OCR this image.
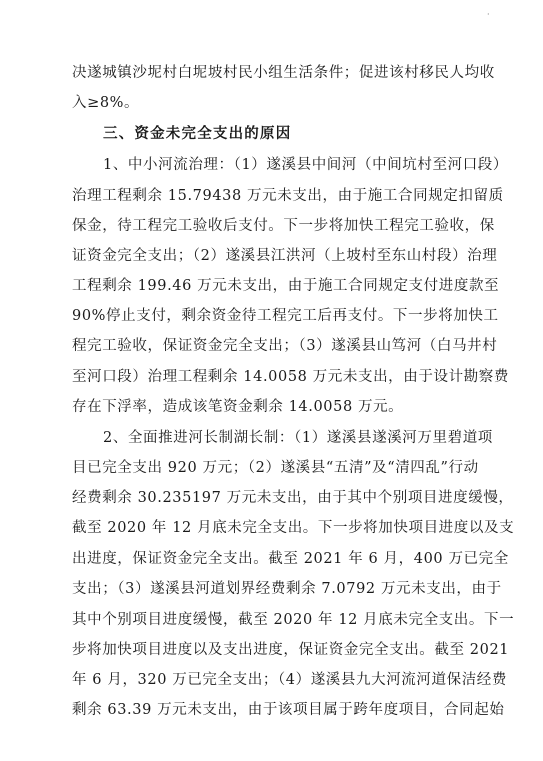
·
决遂城镇沙坭村白坭坡村民小组生活条件；促进该村移民人均收
入≥8%。
三、资金未完全支出的原因
1、中小河流治理：（1）遂溪县中间河（中间坑村至河口段）
治理工程剩余 15.79438 万元未支出，由于施工合同规定扣留质
保金，待工程完工验收后支付。下一步将加快工程完工验收，保
证资金完全支出；（2）遂溪县江洪河（上坡村至东山村段）治理
工程剩余 199.46 万元未支出，由于施工合同规定支付进度款至
90%停止支付，剩余资金待工程完工后再支付。下一步将加快工
程完工验收，保证资金完全支出；（3）遂溪县山笃河（白马井村
至河口段）治理工程剩余 14.0058 万元未支出，由于设计勘察费
存在下浮率，造成该笔资金剩余 14.0058 万元。
2、全面推进河长制湖长制：（1）遂溪县遂溪河万里碧道项
目已完全支出 920 万元；（2）遂溪县“五清”及“清四乱”行动
经费剩余 30.235197 万元未支出，由于其中个别项目进度缓慢，
截至 2020 年 12 月底未完全支出。下一步将加快项目进度以及支
出进度，保证资金完全支出。截至 2021 年 6 月，400 万已完全
支出；（3）遂溪县河道划界经费剩余 7.0792 万元未支出，由于
其中个别项目进度缓慢，截至 2020 年 12 月底未完全支出。下一
步将加快项目进度以及支出进度，保证资金完全支出。截至 2021
年 6 月，320 万已完全支出；（4）遂溪县九大河流河道保洁经费
剩余 63.39 万元未支出，由于该项目属于跨年度项目，合同起始
